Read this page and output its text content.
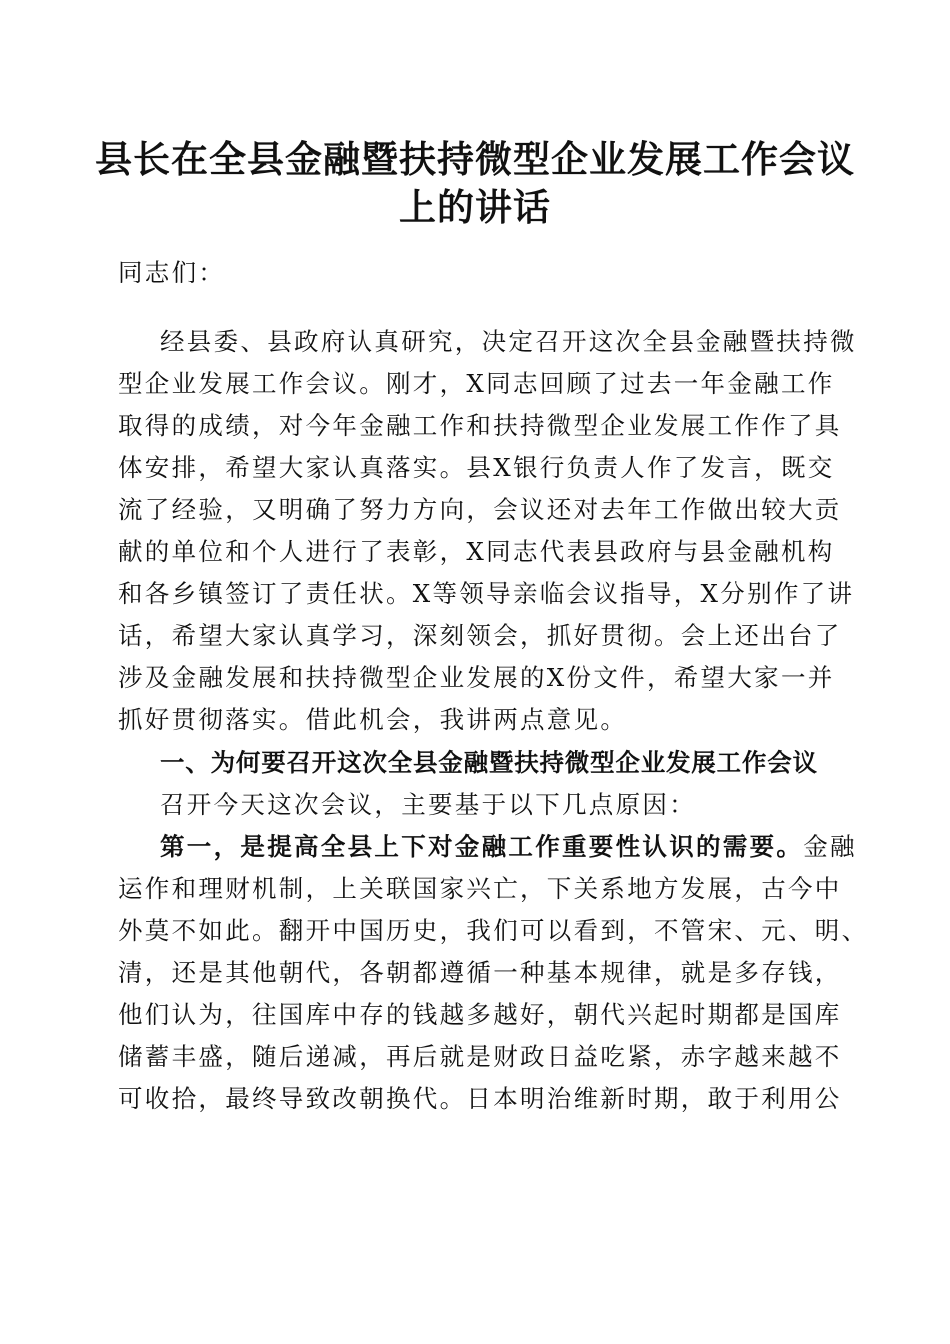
县长在全县金融暨扶持微型企业发展工作会议
上的讲话
同志们：
经县委、县政府认真研究，决定召开这次全县金融暨扶持微
型企业发展工作会议。刚才，X同志回顾了过去一年金融工作
取得的成绩，对今年金融工作和扶持微型企业发展工作作了具
体安排，希望大家认真落实。县X银行负责人作了发言，既交
流了经验，又明确了努力方向，会议还对去年工作做出较大贡
献的单位和个人进行了表彰，X同志代表县政府与县金融机构
和各乡镇签订了责任状。X等领导亲临会议指导，X分别作了讲
话，希望大家认真学习，深刻领会，抓好贯彻。会上还出台了
涉及金融发展和扶持微型企业发展的X份文件，希望大家一并
抓好贯彻落实。借此机会，我讲两点意见。
一、为何要召开这次全县金融暨扶持微型企业发展工作会议
召开今天这次会议，主要基于以下几点原因：
第一，是提高全县上下对金融工作重要性认识的需要。金融
运作和理财机制，上关联国家兴亡，下关系地方发展，古今中
外莫不如此。翻开中国历史，我们可以看到，不管宋、元、明、
清，还是其他朝代，各朝都遵循一种基本规律，就是多存钱，
他们认为，往国库中存的钱越多越好，朝代兴起时期都是国库
储蓄丰盛，随后递减，再后就是财政日益吃紧，赤字越来越不
可收拾，最终导致改朝换代。日本明治维新时期，敢于利用公
